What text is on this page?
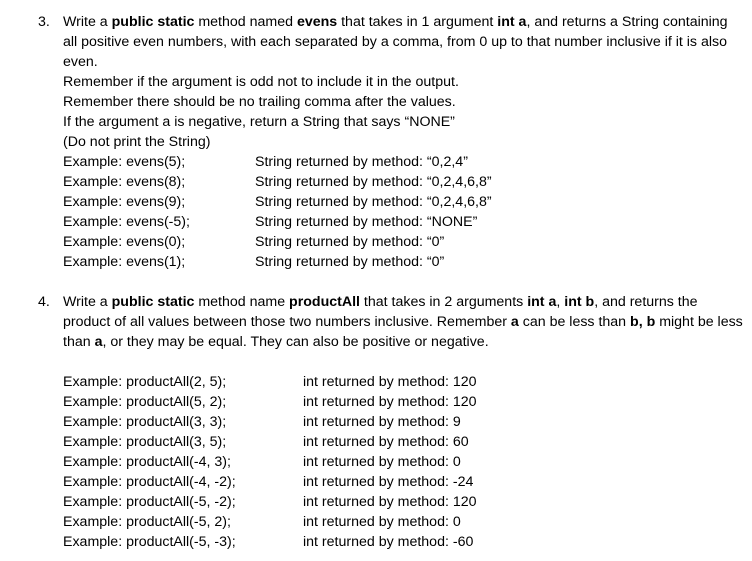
3. Write a public static method named evens that takes in 1 argument int a, and returns a String containing all positive even numbers, with each separated by a comma, from 0 up to that number inclusive if it is also even.
Remember if the argument is odd not to include it in the output.
Remember there should be no trailing comma after the values.
If the argument a is negative, return a String that says “NONE”
(Do not print the String)
Example: evens(5);	String returned by method: “0,2,4”
Example: evens(8);	String returned by method: “0,2,4,6,8”
Example: evens(9);	String returned by method: “0,2,4,6,8”
Example: evens(-5);	String returned by method: “NONE”
Example: evens(0);	String returned by method: “0”
Example: evens(1);	String returned by method: “0”
4. Write a public static method name productAll that takes in 2 arguments int a, int b, and returns the product of all values between those two numbers inclusive. Remember a can be less than b, b might be less than a, or they may be equal. They can also be positive or negative.
Example: productAll(2, 5);	int returned by method: 120
Example: productAll(5, 2);	int returned by method: 120
Example: productAll(3, 3);	int returned by method: 9
Example: productAll(3, 5);	int returned by method: 60
Example: productAll(-4, 3);	int returned by method: 0
Example: productAll(-4, -2);	int returned by method: -24
Example: productAll(-5, -2);	int returned by method: 120
Example: productAll(-5, 2);	int returned by method: 0
Example: productAll(-5, -3);	int returned by method: -60
